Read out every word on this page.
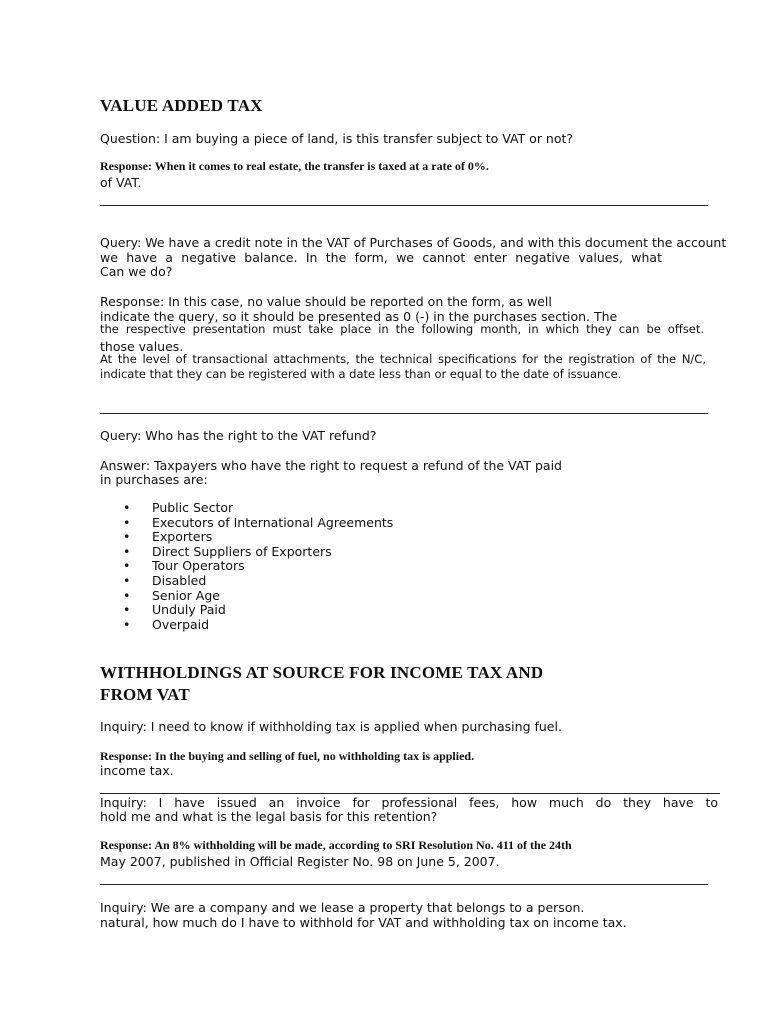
VALUE ADDED TAX

Question: I am buying a piece of land, is this transfer subject to VAT or not?

Response: When it comes to real estate, the transfer is taxed at a rate of 0%.

of VAT.

Query: We have a credit note in the VAT of Purchases of Goods, and with this document the account

we have a negative balance. In the form, we cannot enter negative values, what

Can we do?

Response: In this case, no value should be reported on the form, as well

indicate the query, so it should be presented as 0 (-) in the purchases section. The

the respective presentation must take place in the following month, in which they can be offset.

those values.

At the level of transactional attachments, the technical specifications for the registration of the N/C,

indicate that they can be registered with a date less than or equal to the date of issuance.

Query: Who has the right to the VAT refund?

Answer: Taxpayers who have the right to request a refund of the VAT paid

in purchases are:

• Public Sector
• Executors of International Agreements
• Exporters
• Direct Suppliers of Exporters
• Tour Operators
• Disabled
• Senior Age
• Unduly Paid
• Overpaid
WITHHOLDINGS AT SOURCE FOR INCOME TAX AND
FROM VAT

Inquiry: I need to know if withholding tax is applied when purchasing fuel.

Response: In the buying and selling of fuel, no withholding tax is applied.

income tax.

Inquiry: I have issued an invoice for professional fees, how much do they have to

hold me and what is the legal basis for this retention?

Response: An 8% withholding will be made, according to SRI Resolution No. 411 of the 24th

May 2007, published in Official Register No. 98 on June 5, 2007.

Inquiry: We are a company and we lease a property that belongs to a person.

natural, how much do I have to withhold for VAT and withholding tax on income tax.
